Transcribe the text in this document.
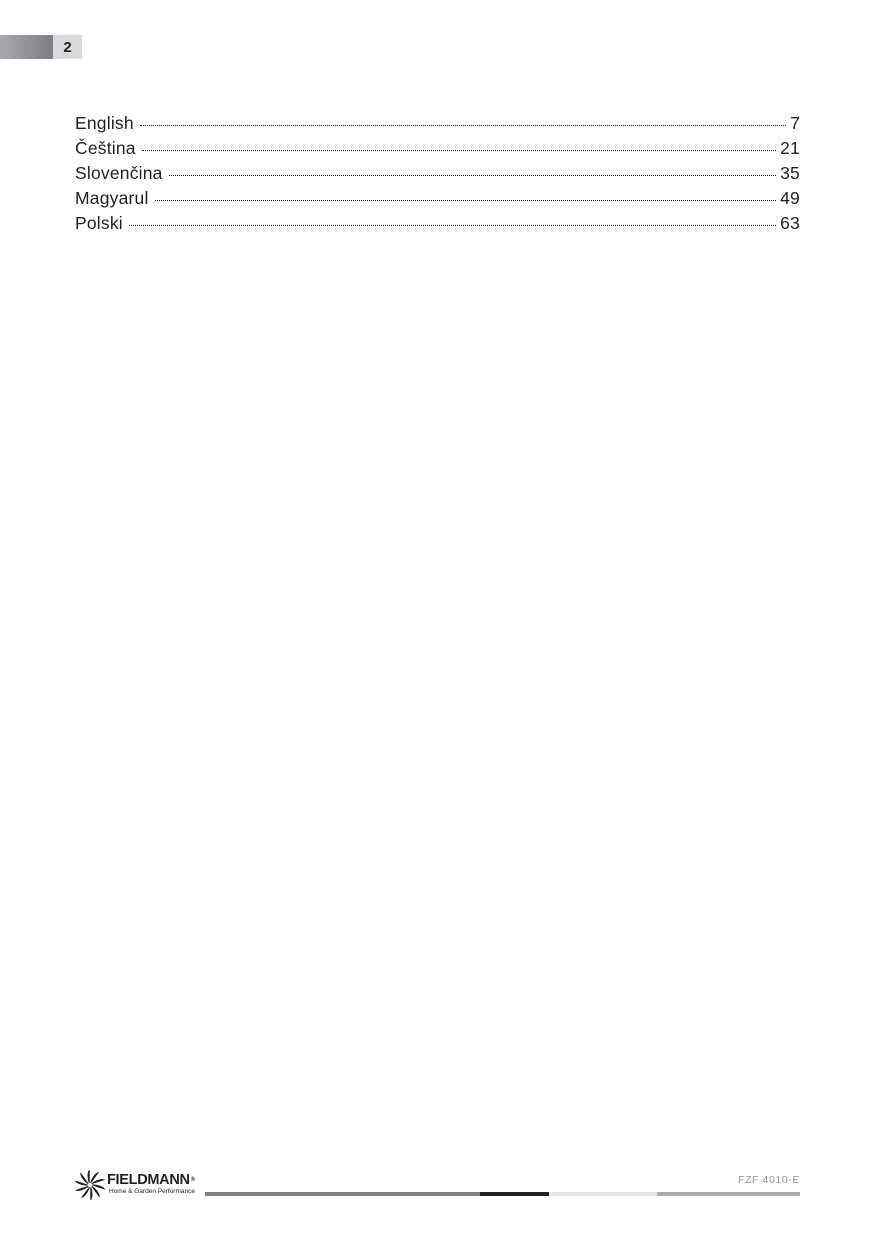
2
English	7
Čeština	21
Slovenčina	35
Magyarul	49
Polski	63
FIELDMANN®
Home & Garden Performance
FZF 4010-E
